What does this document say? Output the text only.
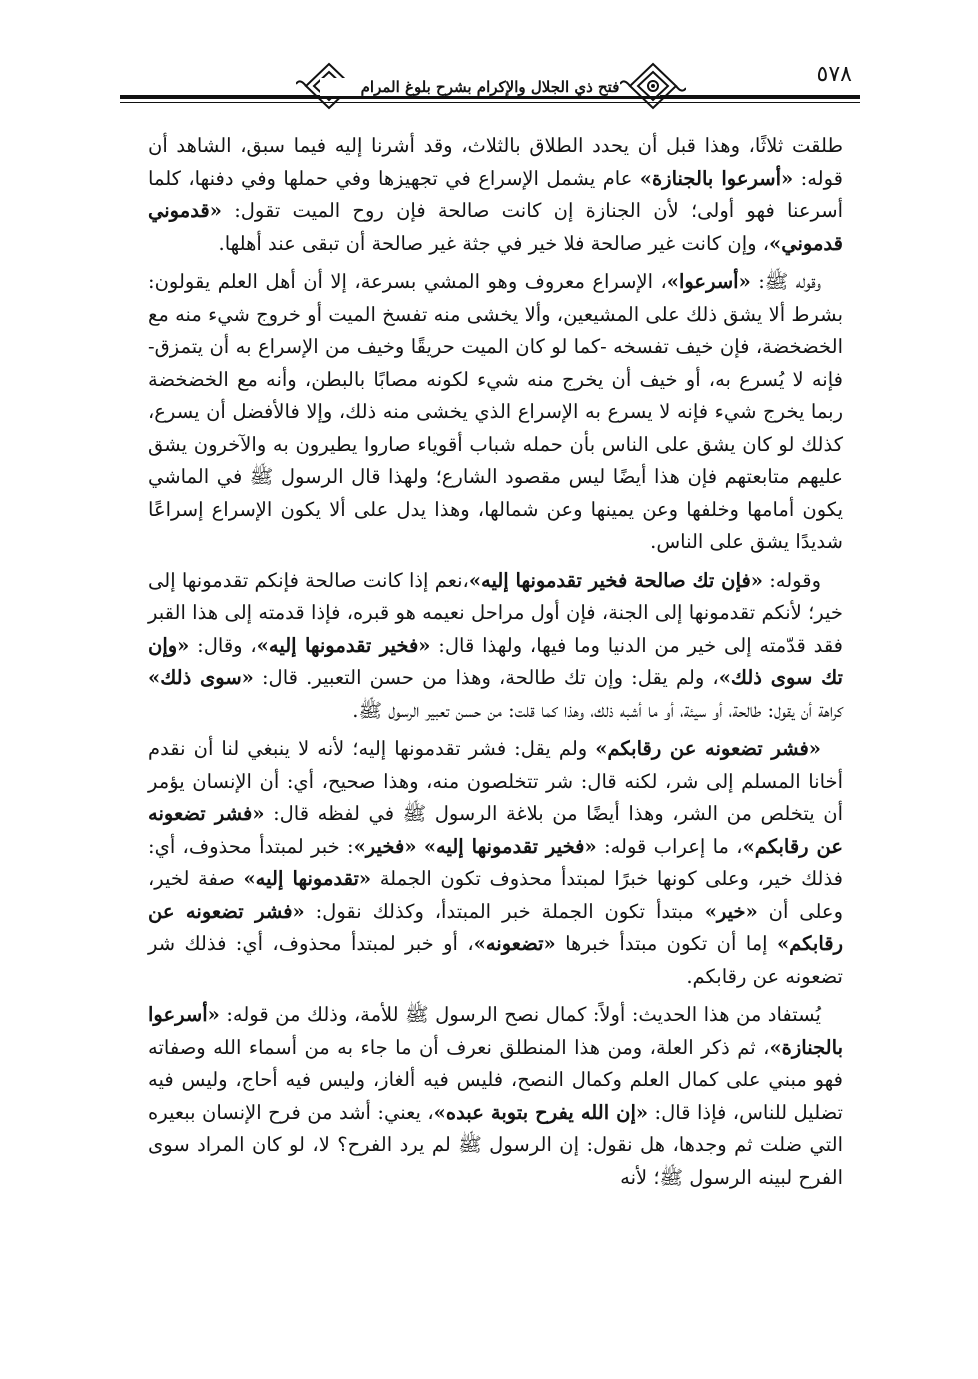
فتح ذي الجلال والإكرام بشرح بلوغ المرام	٥٧٨

طلقت ثلاثًا، وهذا قبل أن يحدد الطلاق بالثلاث، وقد أشرنا إليه فيما سبق، الشاهد أن قوله: «أسرعوا بالجنازة» عام يشمل الإسراع في تجهيزها وفي حملها وفي دفنها، كلما أسرعنا فهو أولى؛ لأن الجنازة إن كانت صالحة فإن روح الميت تقول: «قدموني قدموني»، وإن كانت غير صالحة فلا خير في جثة غير صالحة أن تبقى عند أهلها.

وقوله ﷺ: «أسرعوا»، الإسراع معروف وهو المشي بسرعة، إلا أن أهل العلم يقولون: بشرط ألا يشق ذلك على المشيعين، وألا يخشى منه تفسخ الميت أو خروج شيء منه مع الخضخضة، فإن خيف تفسخه -كما لو كان الميت حريقًا وخيف من الإسراع به أن يتمزق- فإنه لا يُسرع به، أو خيف أن يخرج منه شيء لكونه مصابًا بالبطن، وأنه مع الخضخضة ربما يخرج شيء فإنه لا يسرع به الإسراع الذي يخشى منه ذلك، وإلا فالأفضل أن يسرع، كذلك لو كان يشق على الناس بأن حمله شباب أقوياء صاروا يطيرون به والآخرون يشق عليهم متابعتهم فإن هذا أيضًا ليس مقصود الشارع؛ ولهذا قال الرسول ﷺ في الماشي يكون أمامها وخلفها وعن يمينها وعن شمالها، وهذا يدل على ألا يكون الإسراع إسراعًا شديدًا يشق على الناس.

وقوله: «فإن تك صالحة فخير تقدمونها إليه»،نعم إذا كانت صالحة فإنكم تقدمونها إلى خير؛ لأنكم تقدمونها إلى الجنة، فإن أول مراحل نعيمه هو قبره، فإذا قدمته إلى هذا القبر فقد قدّمته إلى خير من الدنيا وما فيها، ولهذا قال: «فخير تقدمونها إليه»، وقال: «وإن تك سوى ذلك»، ولم يقل: وإن تك طالحة، وهذا من حسن التعبير. قال: «سوى ذلك» كراهة أن يقول: طالحة، أو سيئة، أو ما أشبه ذلك، وهذا كما قلت: من حسن تعبير الرسول ﷺ.

«فشر تضعونه عن رقابكم» ولم يقل: فشر تقدمونها إليه؛ لأنه لا ينبغي لنا أن نقدم أخانا المسلم إلى شر، لكنه قال: شر تتخلصون منه، وهذا صحيح، أي: أن الإنسان يؤمر أن يتخلص من الشر، وهذا أيضًا من بلاغة الرسول ﷺ في لفظه قال: «فشر تضعونه عن رقابكم»، ما إعراب قوله: «فخير تقدمونها إليه» «فخير»: خبر لمبتدأ محذوف، أي: فذلك خير، وعلى كونها خبرًا لمبتدأ محذوف تكون الجملة «تقدمونها إليه» صفة لخير، وعلى أن «خير» مبتدأ تكون الجملة خبر المبتدأ، وكذلك نقول: «فشر تضعونه عن رقابكم» إما أن تكون مبتدأ خبرها «تضعونه»، أو خبر لمبتدأ محذوف، أي: فذلك شر تضعونه عن رقابكم.

يُستفاد من هذا الحديث: أولاً: كمال نصح الرسول ﷺ للأمة، وذلك من قوله: «أسرعوا بالجنازة»، ثم ذكر العلة، ومن هذا المنطلق نعرف أن ما جاء به من أسماء الله وصفاته فهو مبني على كمال العلم وكمال النصح، فليس فيه ألغاز، وليس فيه أحاج، وليس فيه تضليل للناس، فإذا قال: «إن الله يفرح بتوبة عبده»، يعني: أشد من فرح الإنسان ببعيره التي ضلت ثم وجدها، هل نقول: إن الرسول ﷺ لم يرد الفرح؟ لا، لو كان المراد سوى الفرح لبينه الرسول ﷺ؛ لأنه
